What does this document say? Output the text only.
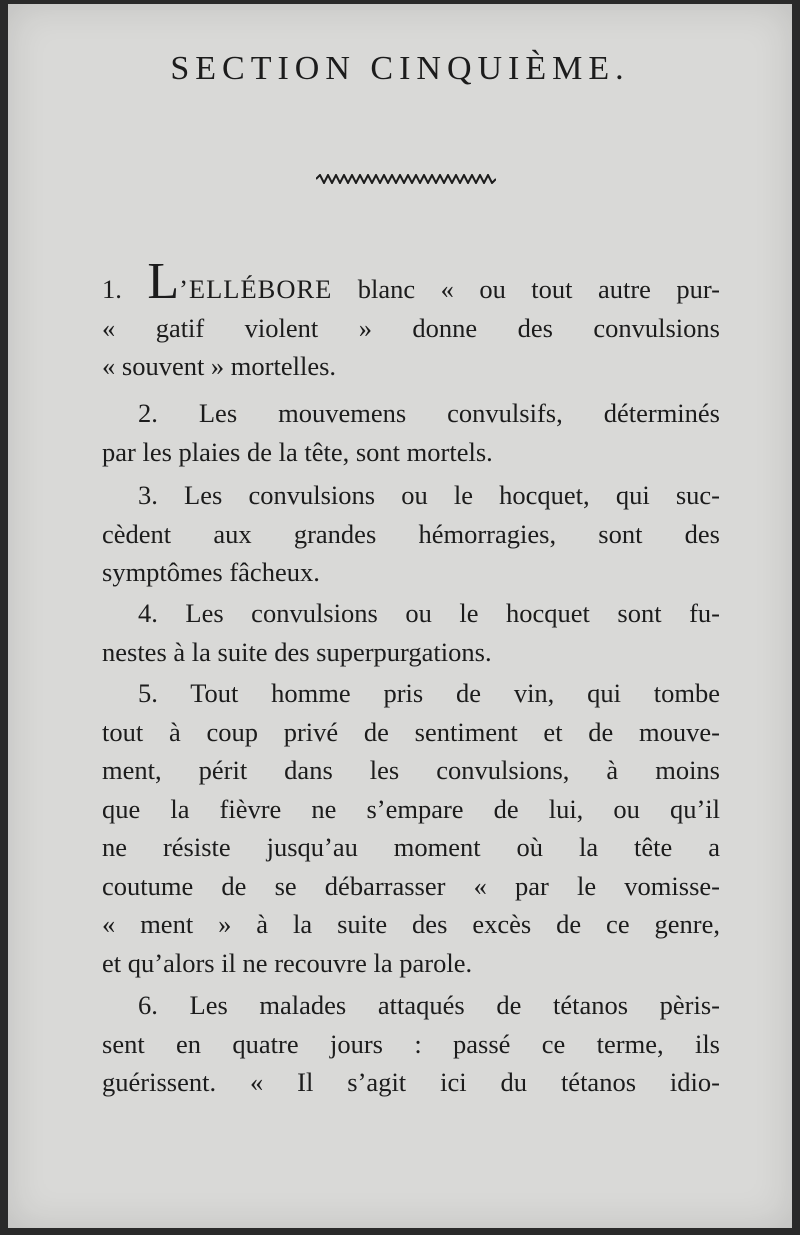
SECTION CINQUIÈME.
1. L’ELLÉBORE blanc « ou tout autre pur-
« gatif violent » donne des convulsions
« souvent » mortelles.
2. Les mouvemens convulsifs, déterminés
par les plaies de la tête, sont mortels.
3. Les convulsions ou le hocquet, qui suc-
cèdent aux grandes hémorragies, sont des
symptômes fâcheux.
4. Les convulsions ou le hocquet sont fu-
nestes à la suite des superpurgations.
5. Tout homme pris de vin, qui tombe
tout à coup privé de sentiment et de mouve-
ment, périt dans les convulsions, à moins
que la fièvre ne s’empare de lui, ou qu’il
ne résiste jusqu’au moment où la tête a
coutume de se débarrasser « par le vomisse-
« ment » à la suite des excès de ce genre,
et qu’alors il ne recouvre la parole.
6. Les malades attaqués de tétanos pèris-
sent en quatre jours : passé ce terme, ils
guérissent. « Il s’agit ici du tétanos idio-
